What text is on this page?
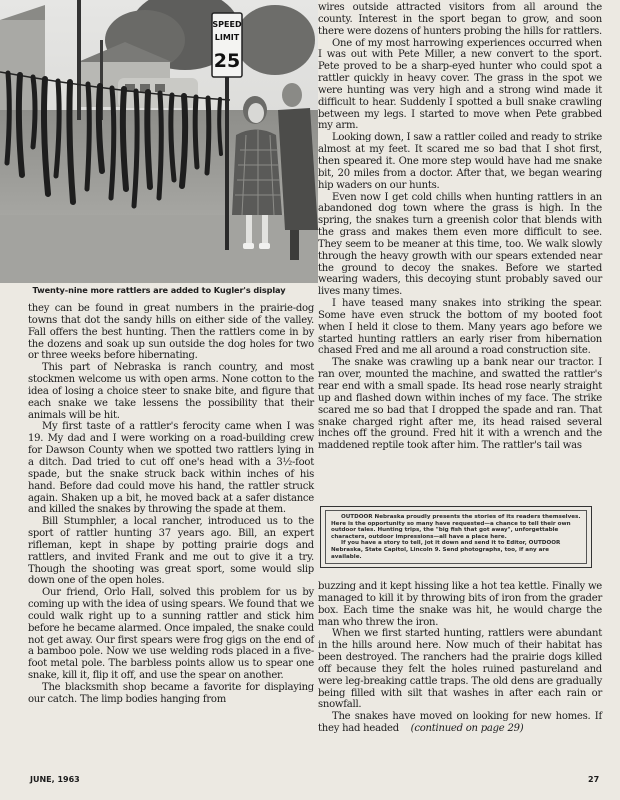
SPEED
LIMIT
25
Twenty-nine more rattlers are added to Kugler's display

they can be found in great numbers in the prairie-dog towns that dot the sandy hills on either side of the valley. Fall offers the best hunting. Then the rattlers come in by the dozens and soak up sun outside the dog holes for two or three weeks before hibernating.

This part of Nebraska is ranch country, and most stockmen welcome us with open arms. None cotton to the idea of losing a choice steer to snake bite, and figure that each snake we take lessens the possibility that their animals will be hit.

My first taste of a rattler's ferocity came when I was 19. My dad and I were working on a road-building crew for Dawson County when we spotted two rattlers lying in a ditch. Dad tried to cut off one's head with a 3½-foot spade, but the snake struck back within inches of his hand. Before dad could move his hand, the rattler struck again. Shaken up a bit, he moved back at a safer distance and killed the snakes by throwing the spade at them.

Bill Stumphler, a local rancher, introduced us to the sport of rattler hunting 37 years ago. Bill, an expert rifleman, kept in shape by potting prairie dogs and rattlers, and invited Frank and me out to give it a try. Though the shooting was great sport, some would slip down one of the open holes.

Our friend, Orlo Hall, solved this problem for us by coming up with the idea of using spears. We found that we could walk right up to a sunning rattler and stick him before he became alarmed. Once impaled, the snake could not get away. Our first spears were frog gigs on the end of a bamboo pole. Now we use welding rods placed in a five-foot metal pole. The barbless points allow us to spear one snake, kill it, flip it off, and use the spear on another.

The blacksmith shop became a favorite for displaying our catch. The limp bodies hanging from

wires outside attracted visitors from all around the county. Interest in the sport began to grow, and soon there were dozens of hunters probing the hills for rattlers.

One of my most harrowing experiences occurred when I was out with Pete Miller, a new convert to the sport. Pete proved to be a sharp-eyed hunter who could spot a rattler quickly in heavy cover. The grass in the spot we were hunting was very high and a strong wind made it difficult to hear. Suddenly I spotted a bull snake crawling between my legs. I started to move when Pete grabbed my arm.

Looking down, I saw a rattler coiled and ready to strike almost at my feet. It scared me so bad that I shot first, then speared it. One more step would have had me snake bit, 20 miles from a doctor. After that, we began wearing hip waders on our hunts.

Even now I get cold chills when hunting rattlers in an abandoned dog town where the grass is high. In the spring, the snakes turn a greenish color that blends with the grass and makes them even more difficult to see. They seem to be meaner at this time, too. We walk slowly through the heavy growth with our spears extended near the ground to decoy the snakes. Before we started wearing waders, this decoying stunt probably saved our lives many times.

I have teased many snakes into striking the spear. Some have even struck the bottom of my booted foot when I held it close to them. Many years ago before we started hunting rattlers an early riser from hibernation chased Fred and me all around a road construction site.

The snake was crawling up a bank near our tractor. I ran over, mounted the machine, and swatted the rattler's rear end with a small spade. Its head rose nearly straight up and flashed down within inches of my face. The strike scared me so bad that I dropped the spade and ran. That snake charged right after me, its head raised several inches off the ground. Fred hit it with a wrench and the maddened reptile took after him. The rattler's tail was

OUTDOOR Nebraska proudly presents the stories of its readers themselves. Here is the opportunity so many have requested—a chance to tell their own outdoor tales. Hunting trips, the "big fish that got away", unforgettable characters, outdoor impressions—all have a place here.

If you have a story to tell, jot it down and send it to Editor, OUTDOOR Nebraska, State Capitol, Lincoln 9. Send photographs, too, if any are available.

buzzing and it kept hissing like a hot tea kettle. Finally we managed to kill it by throwing bits of iron from the grader box. Each time the snake was hit, he would charge the man who threw the iron.

When we first started hunting, rattlers were abundant in the hills around here. Now much of their habitat has been destroyed. The ranchers had the prairie dogs killed off because they felt the holes ruined pastureland and were leg-breaking cattle traps. The old dens are gradually being filled with silt that washes in after each rain or snowfall.

The snakes have moved on looking for new homes. If they had headed (continued on page 29)

JUNE, 1963	27
